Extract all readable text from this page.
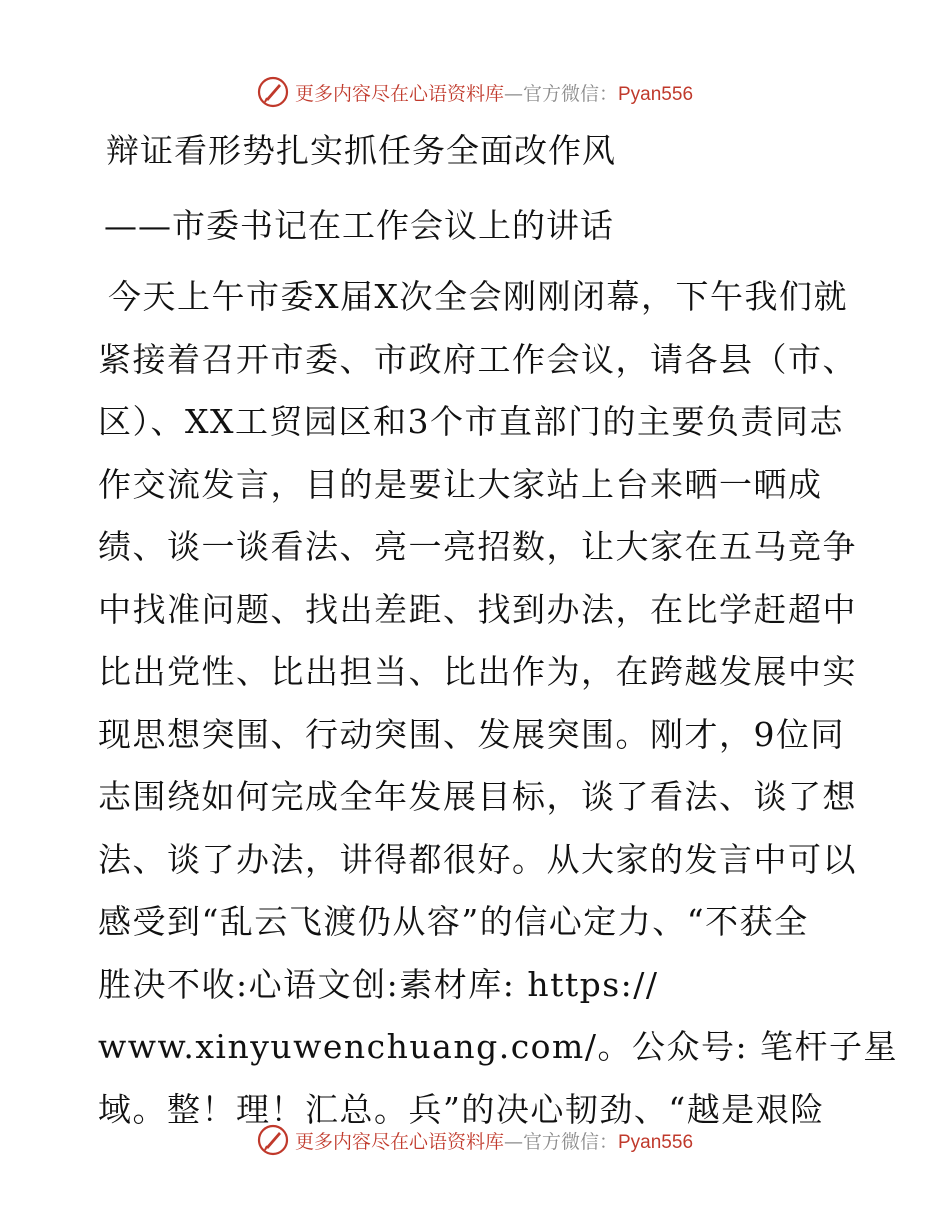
更多内容尽在心语资料库—官方微信：Pyan556
辩证看形势扎实抓任务全面改作风
——市委书记在工作会议上的讲话
今天上午市委X届X次全会刚刚闭幕，下午我们就
紧接着召开市委、市政府工作会议，请各县（市、
区）、XX工贸园区和3个市直部门的主要负责同志
作交流发言，目的是要让大家站上台来晒一晒成
绩、谈一谈看法、亮一亮招数，让大家在五马竞争
中找准问题、找出差距、找到办法，在比学赶超中
比出党性、比出担当、比出作为，在跨越发展中实
现思想突围、行动突围、发展突围。刚才，9位同
志围绕如何完成全年发展目标，谈了看法、谈了想
法、谈了办法，讲得都很好。从大家的发言中可以
感受到“乱云飞渡仍从容”的信心定力、“不获全
胜决不收:心语文创:素材库: https://
www.xinyuwenchuang.com/。公众号: 笔杆子星
域。整！理！汇总。兵”的决心韧劲、“越是艰险
更多内容尽在心语资料库—官方微信：Pyan556
